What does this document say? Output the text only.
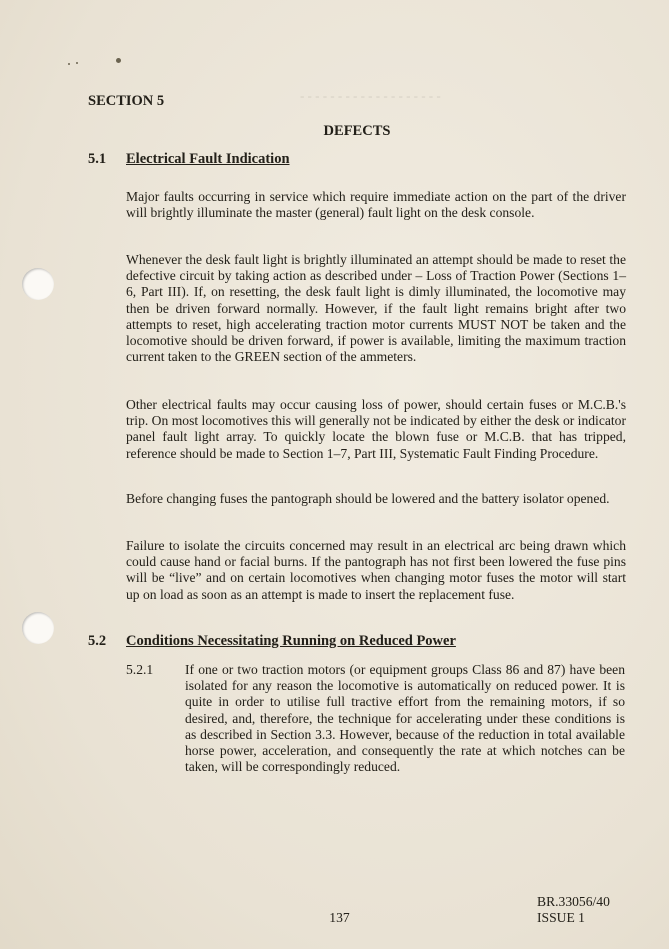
- - - - - - - - - - - - - - - - - - -
SECTION 5
DEFECTS
5.1 Electrical Fault Indication

Major faults occurring in service which require immediate action on the part of the driver will brightly illuminate the master (general) fault light on the desk console.

Whenever the desk fault light is brightly illuminated an attempt should be made to reset the defective circuit by taking action as described under – Loss of Traction Power (Sections 1–6, Part III). If, on resetting, the desk fault light is dimly illuminated, the locomotive may then be driven forward normally. However, if the fault light remains bright after two attempts to reset, high accelerating traction motor currents MUST NOT be taken and the locomotive should be driven forward, if power is available, limiting the maximum traction current taken to the GREEN section of the ammeters.

Other electrical faults may occur causing loss of power, should certain fuses or M.C.B.'s trip. On most locomotives this will generally not be indicated by either the desk or indicator panel fault light array. To quickly locate the blown fuse or M.C.B. that has tripped, reference should be made to Section 1–7, Part III, Systematic Fault Finding Procedure.

Before changing fuses the pantograph should be lowered and the battery isolator opened.

Failure to isolate the circuits concerned may result in an electrical arc being drawn which could cause hand or facial burns. If the pantograph has not first been lowered the fuse pins will be “live” and on certain locomotives when changing motor fuses the motor will start up on load as soon as an attempt is made to insert the replacement fuse.

5.2 Conditions Necessitating Running on Reduced Power
5.2.1 If one or two traction motors (or equipment groups Class 86 and 87) have been isolated for any reason the locomotive is automatically on reduced power. It is quite in order to utilise full tractive effort from the remaining motors, if so desired, and, therefore, the technique for accelerating under these conditions is as described in Section 3.3. However, because of the reduction in total available horse power, acceleration, and consequently the rate at which notches can be taken, will be correspondingly reduced.

137
BR.33056/40
ISSUE 1
